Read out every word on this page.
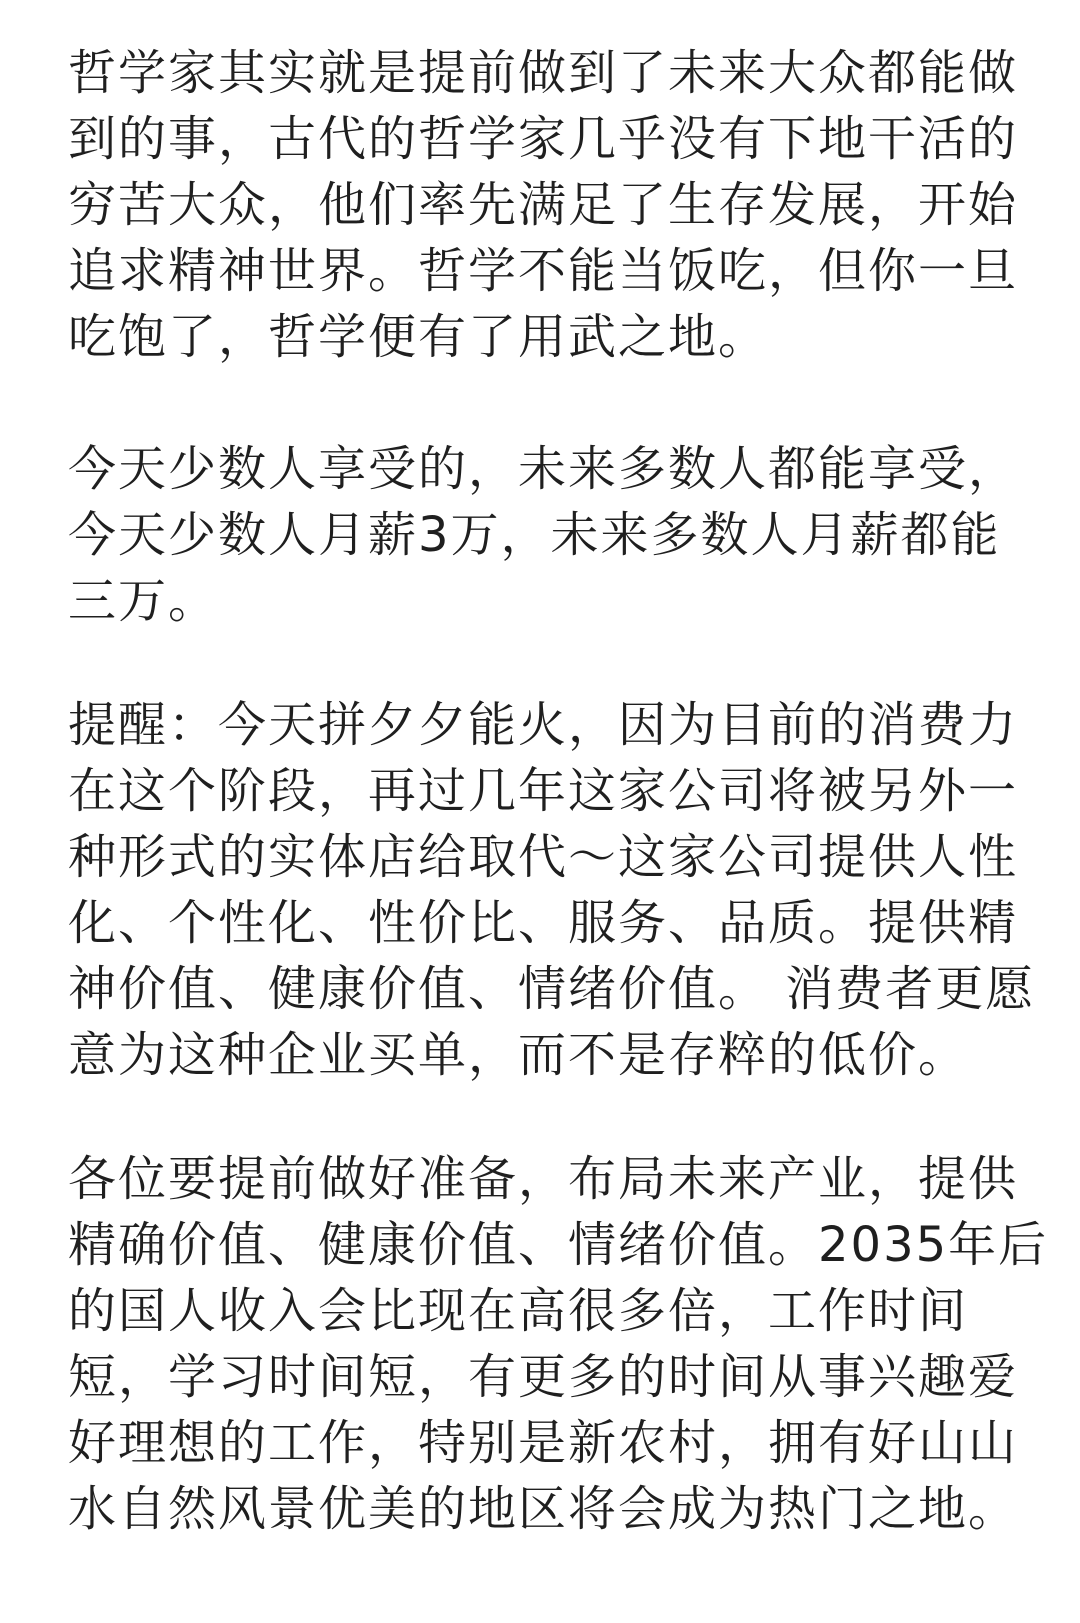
哲学家其实就是提前做到了未来大众都能做
到的事，古代的哲学家几乎没有下地干活的
穷苦大众，他们率先满足了生存发展，开始
追求精神世界。哲学不能当饭吃，但你一旦
吃饱了，哲学便有了用武之地。
今天少数人享受的，未来多数人都能享受，
今天少数人月薪3万，未来多数人月薪都能
三万。
提醒：今天拼夕夕能火，因为目前的消费力
在这个阶段，再过几年这家公司将被另外一
种形式的实体店给取代～这家公司提供人性
化、个性化、性价比、服务、品质。提供精
神价值、健康价值、情绪价值。 消费者更愿
意为这种企业买单，而不是存粹的低价。
各位要提前做好准备，布局未来产业，提供
精确价值、健康价值、情绪价值。2035年后
的国人收入会比现在高很多倍，工作时间
短，学习时间短，有更多的时间从事兴趣爱
好理想的工作，特别是新农村，拥有好山山
水自然风景优美的地区将会成为热门之地。
